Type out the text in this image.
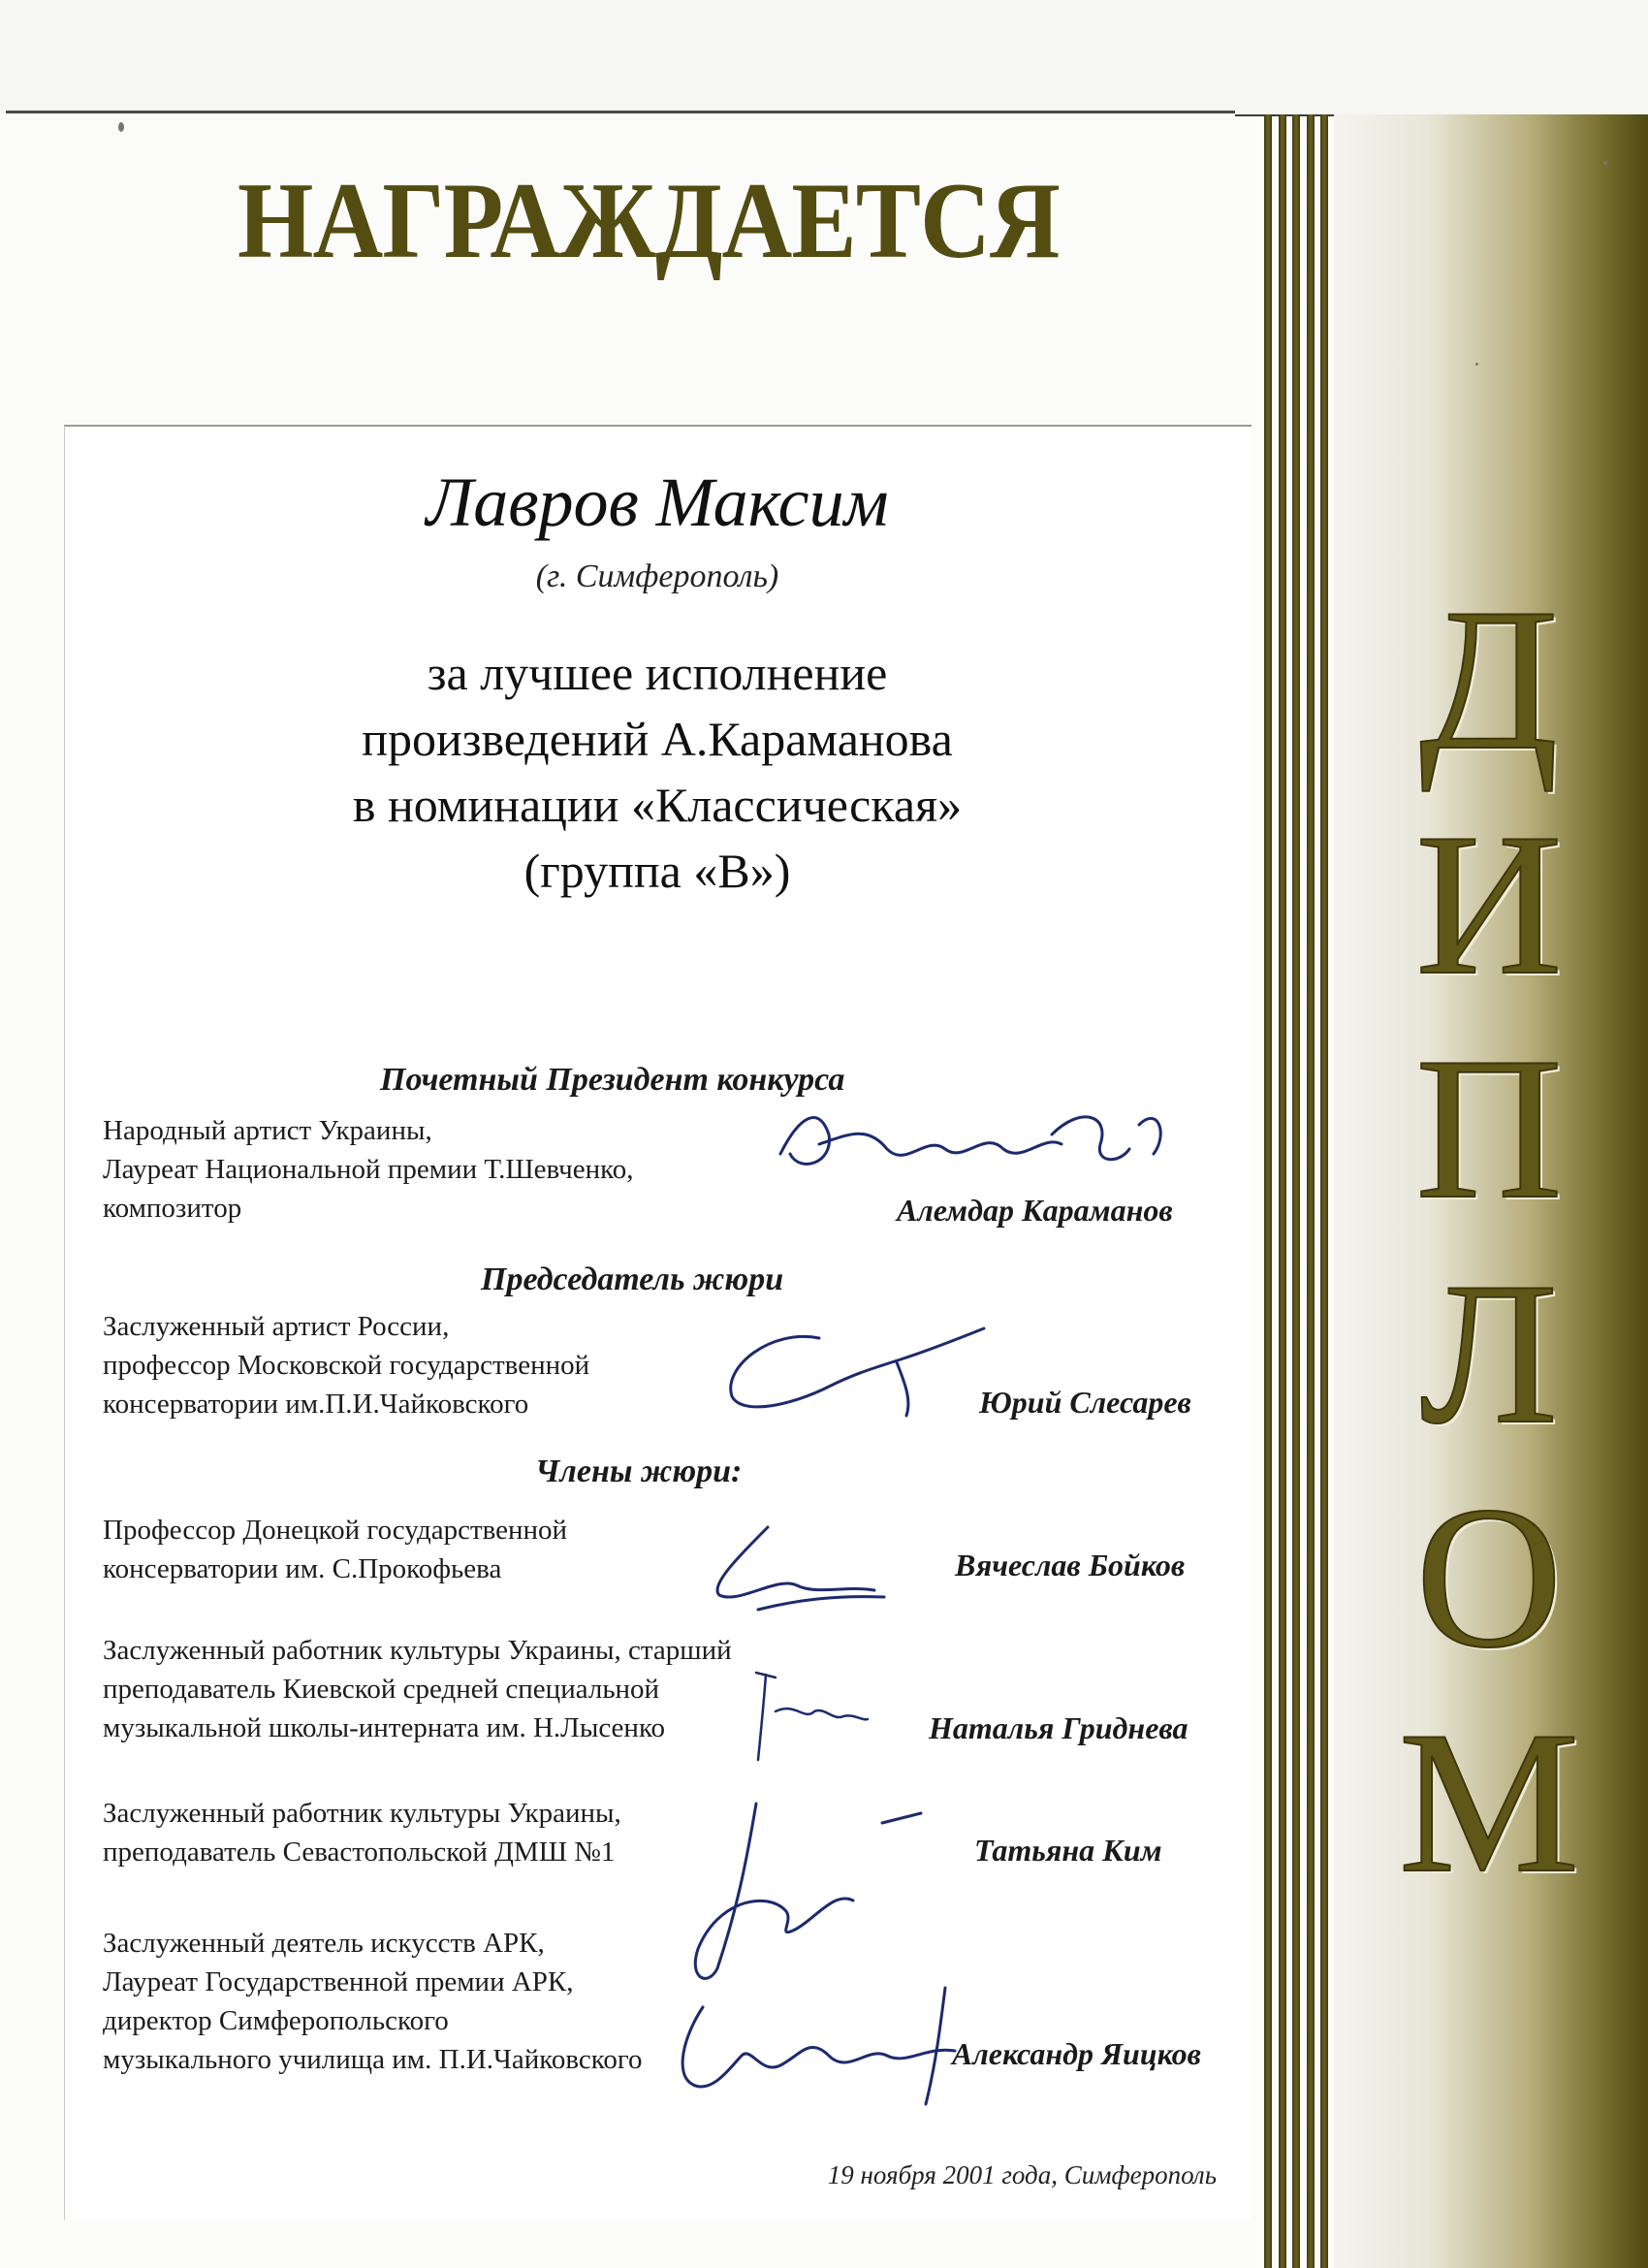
НАГРАЖДАЕТСЯ
Д
И
П
Л
О
М
Лавров Максим
(г. Симферополь)
за лучшее исполнение
произведений А.Караманова
в номинации «Классическая»
(группа «В»)
Почетный Президент конкурса
Народный артист Украины,
Лауреат Национальной премии Т.Шевченко,
композитор	Алемдар Караманов
Председатель жюри
Заслуженный артист России,
профессор Московской государственной
консерватории им.П.И.Чайковского	Юрий Слесарев
Члены жюри:
Профессор Донецкой государственной
консерватории им. С.Прокофьева	Вячеслав Бойков
Заслуженный работник культуры Украины, старший
преподаватель Киевской средней специальной
музыкальной школы-интерната им. Н.Лысенко	Наталья Гриднева
Заслуженный работник культуры Украины,
преподаватель Севастопольской ДМШ №1	Татьяна Ким
Заслуженный деятель искусств АРК,
Лауреат Государственной премии АРК,
директор Симферопольского
музыкального училища им. П.И.Чайковского	Александр Яицков
19 ноября 2001 года, Симферополь
